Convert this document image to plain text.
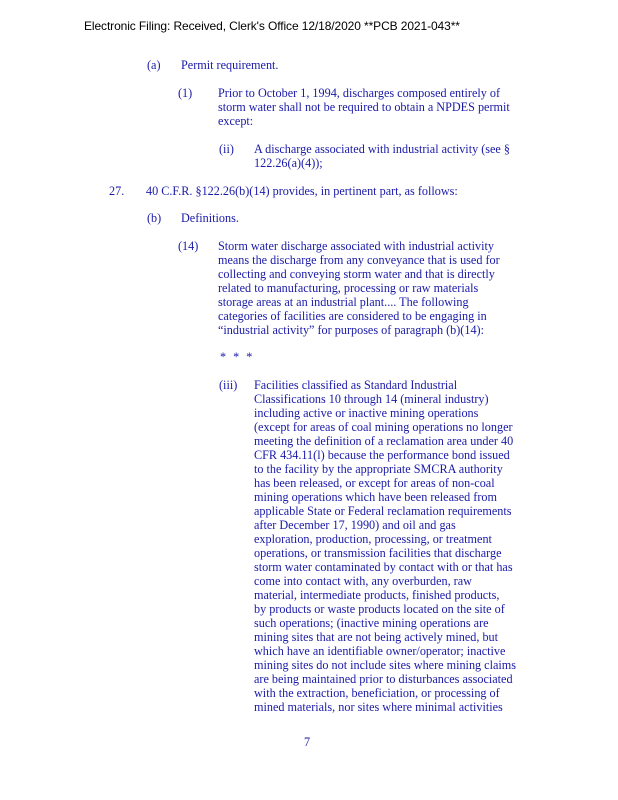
Electronic Filing: Received, Clerk's Office 12/18/2020 **PCB 2021-043**
(a) Permit requirement.
(1) Prior to October 1, 1994, discharges composed entirely of
storm water shall not be required to obtain a NPDES permit
except:
(ii) A discharge associated with industrial activity (see §
122.26(a)(4));
27. 40 C.F.R. §122.26(b)(14) provides, in pertinent part, as follows:
(b) Definitions.
(14) Storm water discharge associated with industrial activity
means the discharge from any conveyance that is used for
collecting and conveying storm water and that is directly
related to manufacturing, processing or raw materials
storage areas at an industrial plant.... The following
categories of facilities are considered to be engaging in
“industrial activity” for purposes of paragraph (b)(14):
* * *
(iii) Facilities classified as Standard Industrial
Classifications 10 through 14 (mineral industry)
including active or inactive mining operations
(except for areas of coal mining operations no longer
meeting the definition of a reclamation area under 40
CFR 434.11(l) because the performance bond issued
to the facility by the appropriate SMCRA authority
has been released, or except for areas of non-coal
mining operations which have been released from
applicable State or Federal reclamation requirements
after December 17, 1990) and oil and gas
exploration, production, processing, or treatment
operations, or transmission facilities that discharge
storm water contaminated by contact with or that has
come into contact with, any overburden, raw
material, intermediate products, finished products,
by products or waste products located on the site of
such operations; (inactive mining operations are
mining sites that are not being actively mined, but
which have an identifiable owner/operator; inactive
mining sites do not include sites where mining claims
are being maintained prior to disturbances associated
with the extraction, beneficiation, or processing of
mined materials, nor sites where minimal activities
7
